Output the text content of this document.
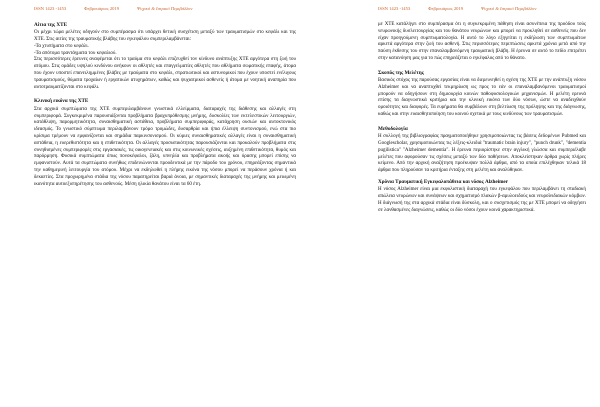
ISSN 1423 -1453	Φεβρουάριος 2019	Ψυχικό & Ιατρικό Περιβάλλον
Αίτια της ΧΤΕ

Οι μέχρι τώρα μελέτες οδηγούν στο συμπέρασμα ότι υπάρχει θετική συσχέτιση μεταξύ των τραυματισμών στο κεφάλι και της ΧΤΕ. Στις αιτίες της τραυματικής βλάβης του εγκεφάλου συμπεριλαμβάνεται:

-Τα χτυπήματα στο κεφάλι.
-Τα απότομα τραντάγματα του κεφαλιού.

Στις περισσότερες έρευνες αναφέρεται ότι το τραύμα στο κεφάλι επιζευχθεί τον κίνδυνο ανάπτυξης ΧΤΕ αργότερα στη ζωή του ατόμου. Στις ομάδες υψηλού κινδύνου ανήκουν οι αθλητές και επαγγελματίες αθλητές που αθλήματα σωματικής επαφής, άτομα που έχουν υποστεί επανειλημμένες βλάβες με τραύματα στο κεφάλι, στρατιωτικοί και αστυνομικοί που έχουν υποστεί ενέλιγους τραυματισμούς, θύματα τροχαίων ή εργατικών ατυχημάτων, καθώς και ψυχιατρικοί ασθενείς ή άτομα με νοητική αναπηρία που αυτοτραυματίζονται στο κεφάλι.

Κλινική εικόνα της ΧΤΕ

Στα αρχικά συμπτώματα της ΧΤΕ συμπεριλαμβάνουν γνωστικά ελλείμματα, διαταραχές της διάθεσης και αλλαγές στη συμπεριφορά. Συγκεκριμένα παρουσιάζονται προβλήματα βραχυπρόθεσμης μνήμης, δυσκολίες των εκτελεστικών λειτουργιών, κατάθλιψη, παρορμητικότητα, συναισθηματική αστάθεια, προβλήματα συμπεριφοράς, κατάχρηση ουσιών και αυτοκτονικός ιδεασμός. Το γνωστικό σύμπτωμα περιλαμβάνουν τρόμο τρομώδες, δυσαρθρία και ήπια έλλειψη συντονισμού, ενώ στα πιο κρίσιμα τρέμουν να εμφανίζονται και σημάδια παρκινσονισμού. Οι κύριες συναισθηματικές αλλαγές είναι η συναισθηματική αστάθεια, η ευερεθιστότητα και η επιθετικότητα. Οι αλλαγές προσωπικότητας παρουσιάζονται και προκαλούν προβλήματα στις συνηθισμένες συμπεριφορές στις εργασιακές, τις οικογενειακές και στις κοινωνικές σχέσεις, αυξημένη επιθετικότητα, θυμός και παρόρμηση. Φυσικά συμπτώματα όπως πονοκέφαλοι, ζάλη, υπνηλία και προβλήματα ακοής και όρασης μπορεί επίσης να εμφανιστούν. Αυτά τα συμπτώματα συνήθως επιδεινώνονται προοδευτικά με την πάροδο του χρόνου, επηρεάζοντας σημαντικά την καθημερινή λειτουργία του ατόμου. Μέχρι να εκδηλωθεί η πλήρης εικόνα της νόσου μπορεί να περάσουν χρόνια ή και δεκαετίες. Στα προχωρημένα στάδια της νόσου παρατηρείται βαριά άνοια, με σημαντικές διαταραχές της μνήμης και μειωμένη ικανότητα αυτοεξυπηρέτησης του ασθενούς. Μέση ηλικία θανάτου είναι τα 60 έτη.

ISSN 1423 -1453	Φεβρουάριος 2019	Ψυχικό & Ιατρικό Περιβάλλον

με ΧΤΕ κατάλήγει στο συμπέρασμα ότι η συγκεκριμένη πάθηση είναι ασυνέπεια της προόδου τούς νευρωνικής δυσλειτουργίας και του θανάτου νευρώνων και μπορεί να προκληθεί σε ασθενείς που δεν είχαν προηγούμενη συμπτωματολογία. Η αυτό το λόγο εξηγείται η εκδήλωση των συμπτωμάτων αρκετά αργότερα στην ζωή του ασθενή. Στις περισσότερες περιπτώσεις αρκετά χρόνια μετά από την παύση έκθεσης του στην επαναλαμβανόμενη τραυματική βλάβη. Η έρευνα σε αυτό το πεδίο επιτρέπει στην κατανόηση μας για το πώς επηρεάζεται ο εγκέφαλος από το θάνατο.

Σκοπός της Μελέτης

Βασικός στόχος της παρούσας εργασίας είναι να διερευνηθεί η σχέση της ΧΤΕ με την ανάπτυξη νόσου Alzheimer και να αναπτυχθεί τεκμηρίωση ως προς το εάν οι επαναλαμβανόμενοι τραυματισμοί μπορούν να οδηγήσουν στη δημιουργία κοινών παθοφυσιολογικών μηχανισμών. Η μελέτη ερευνά επίσης τα διαγνωστικά κριτήρια και την κλινική εικόνα των δύο νόσων, ώστε να αναδειχθούν ομοιότητες και διαφορές. Τα ευρήματα θα συμβάλουν στη βελτίωση της πρόληψης και της διάγνωσης, καθώς και στην ευαισθητοποίηση του κοινού σχετικά με τους κινδύνους των τραυματισμών.

Μεθοδολογία

Η συλλογή της βιβλιογραφίας πραγματοποιήθηκε χρησιμοποιώντας τις βάσεις δεδομένων Pubmed και Googlescholar, χρησιμοποιώντας τις λέξεις-κλειδιά "traumatic brain injury", "punch drunk", "dementia pugilistica" "Alzheimer dementia". Η έρευνα περιορίστηκε στην αγγλική γλώσσα και συμπεριέλαβε μελέτες που αφορούσαν τις σχέσεις μεταξύ των δύο παθήσεων. Αποκλείστηκαν άρθρα χωρίς πλήρες κείμενο. Από την αρχική αναζήτηση προέκυψαν πολλά άρθρα, από τα οποία επιλέχθηκαν τελικά 18 άρθρα που πληρούσαν τα κριτήρια ένταξης στη μελέτη και αναλύθηκαν.

Χρόνια Τραυματική Εγκεφαλοπάθεια και νόσος Alzheimer

Η νόσος Alzheimer είναι μια εκφυλιστική διαταραχή του εγκεφάλου που περιλαμβάνει τη σταδιακή απώλεια νευρώνων και συνάψεων και σχηματισμό πλακών β-αμυλοειδούς και νευροϊνιδιακών κόμβων. Η διάγνωσή της στα αρχικά στάδια είναι δύσκολη, και ο συσχετισμός της με ΧΤΕ μπορεί να οδηγήσει σε λανθασμένες διαγνώσεις, καθώς οι δύο νόσοι έχουν κοινά χαρακτηριστικά.
